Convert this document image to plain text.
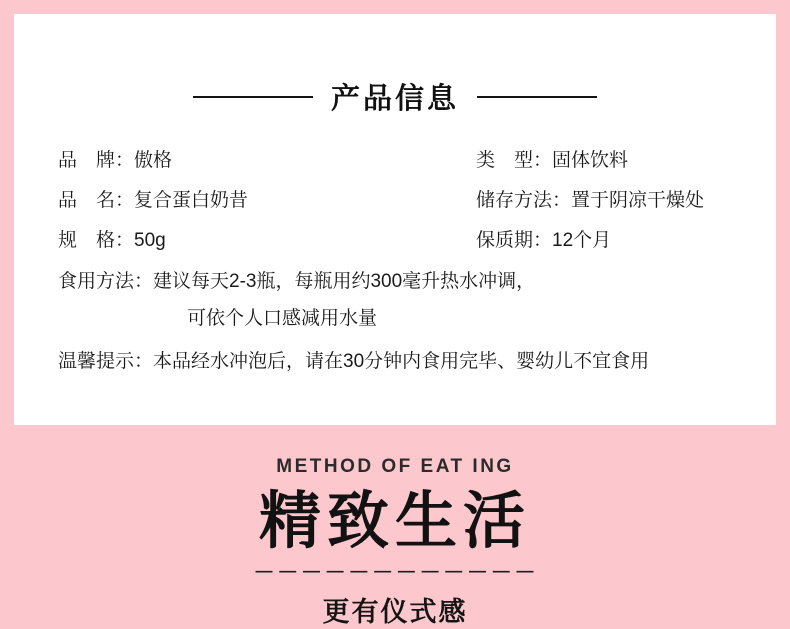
产品信息
品　牌： 傲格	类　型： 固体饮料
品　名： 复合蛋白奶昔	储存方法： 置于阴凉干燥处
规　格： 50g	保质期： 12个月
食用方法： 建议每天2-3瓶，每瓶用约300毫升热水冲调，
可依个人口感减用水量
温馨提示： 本品经水冲泡后，请在30分钟内食用完毕、婴幼儿不宜食用
METHOD OF EAT ING
精致生活
— — — — — — — — — — — —
更有仪式感
